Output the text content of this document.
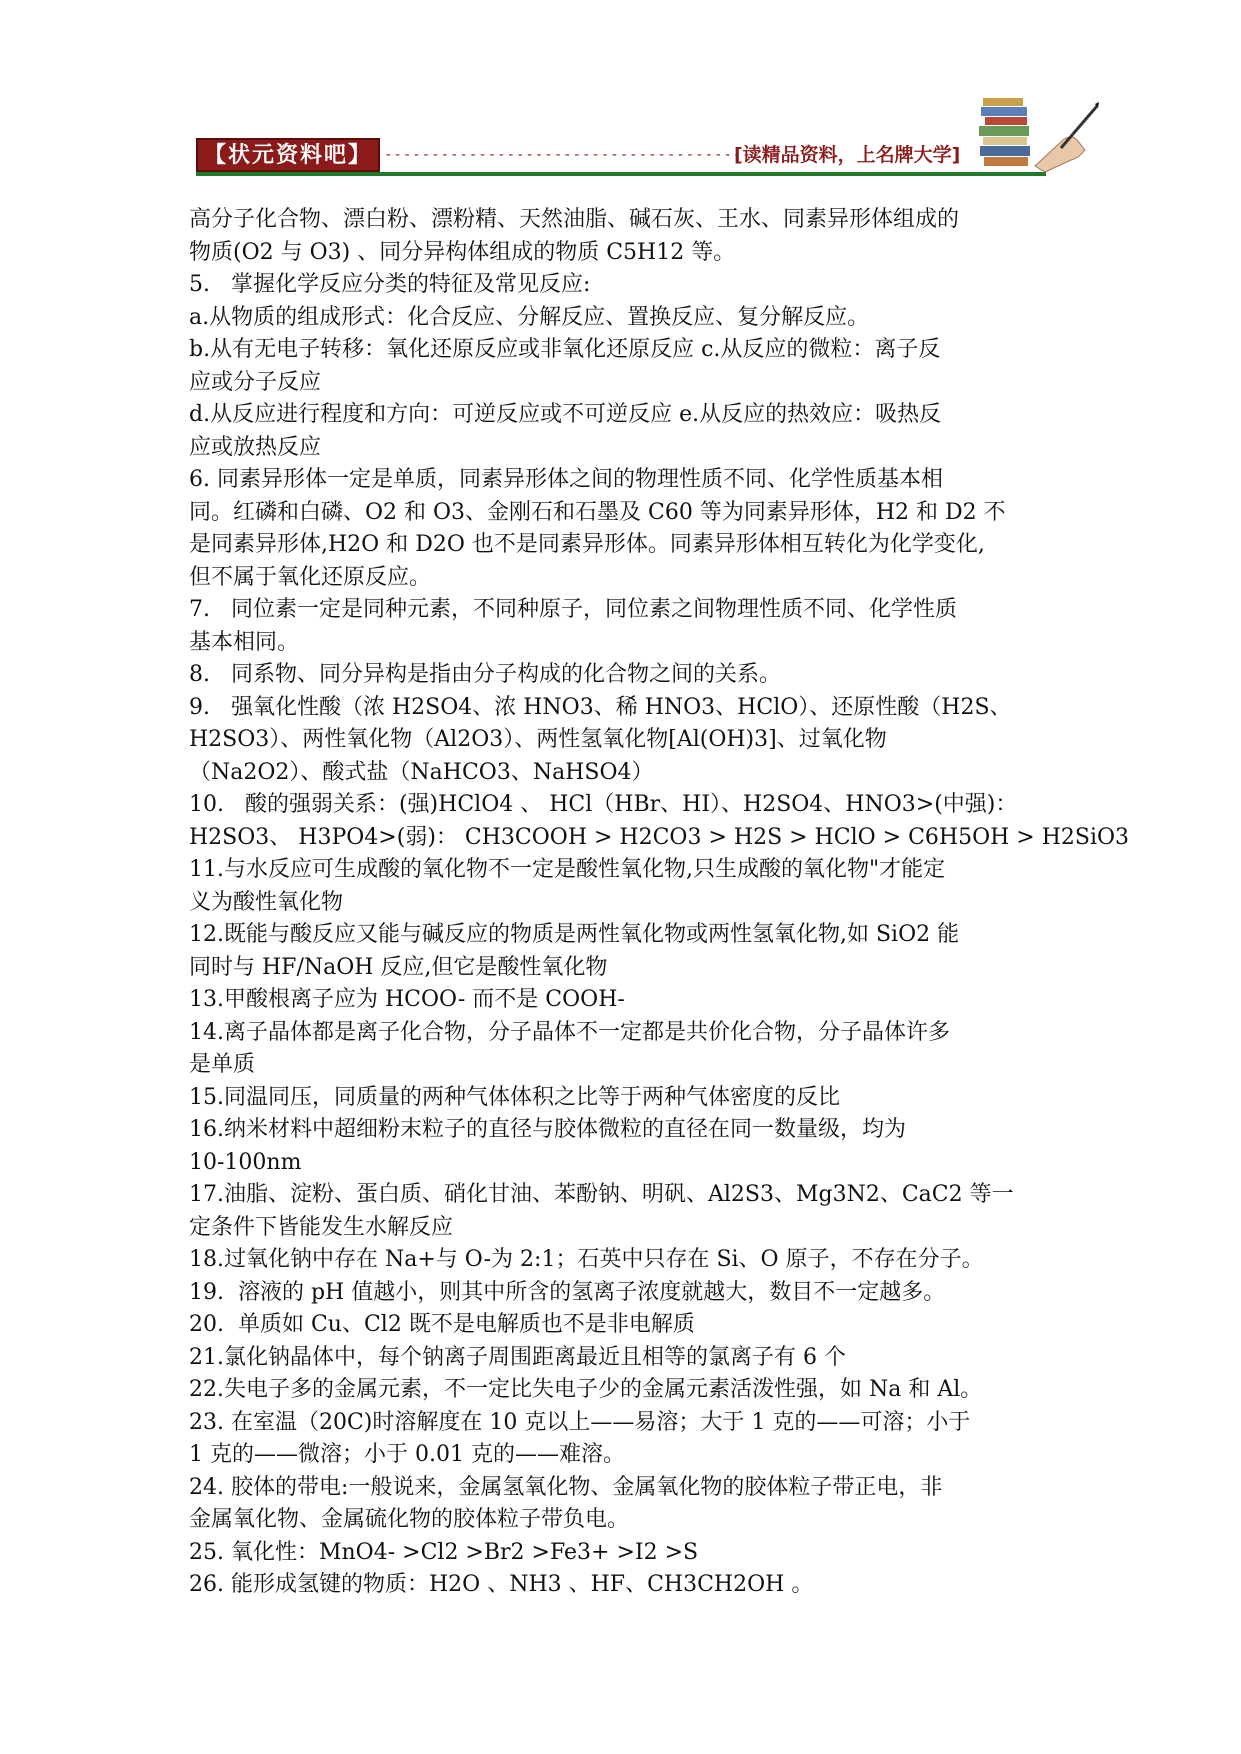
【状元资料吧】 ------------------------------------------
[读精品资料，上名牌大学]
高分子化合物、漂白粉、漂粉精、天然油脂、碱石灰、王水、同素异形体组成的
物质(O2 与 O3) 、同分异构体组成的物质 C5H12 等。
5.   掌握化学反应分类的特征及常见反应:
a.从物质的组成形式：化合反应、分解反应、置换反应、复分解反应。
b.从有无电子转移：氧化还原反应或非氧化还原反应 c.从反应的微粒：离子反
应或分子反应
d.从反应进行程度和方向：可逆反应或不可逆反应 e.从反应的热效应：吸热反
应或放热反应
6. 同素异形体一定是单质，同素异形体之间的物理性质不同、化学性质基本相
同。红磷和白磷、O2 和 O3、金刚石和石墨及 C60 等为同素异形体，H2 和 D2 不
是同素异形体,H2O 和 D2O 也不是同素异形体。同素异形体相互转化为化学变化,
但不属于氧化还原反应。
7.   同位素一定是同种元素，不同种原子，同位素之间物理性质不同、化学性质
基本相同。
8.   同系物、同分异构是指由分子构成的化合物之间的关系。
9.   强氧化性酸（浓 H2SO4、浓 HNO3、稀 HNO3、HClO）、还原性酸（H2S、
H2SO3）、两性氧化物（Al2O3）、两性氢氧化物[Al(OH)3]、过氧化物
（Na2O2）、酸式盐（NaHCO3、NaHSO4）
10.   酸的强弱关系：(强)HClO4 、 HCl（HBr、HI）、H2SO4、HNO3>(中强)：
H2SO3、 H3PO4>(弱)： CH3COOH > H2CO3 > H2S > HClO > C6H5OH > H2SiO3
11.与水反应可生成酸的氧化物不一定是酸性氧化物,只生成酸的氧化物"才能定
义为酸性氧化物
12.既能与酸反应又能与碱反应的物质是两性氧化物或两性氢氧化物,如 SiO2 能
同时与 HF/NaOH 反应,但它是酸性氧化物
13.甲酸根离子应为 HCOO- 而不是 COOH-
14.离子晶体都是离子化合物，分子晶体不一定都是共价化合物，分子晶体许多
是单质
15.同温同压，同质量的两种气体体积之比等于两种气体密度的反比
16.纳米材料中超细粉末粒子的直径与胶体微粒的直径在同一数量级，均为
10-100nm
17.油脂、淀粉、蛋白质、硝化甘油、苯酚钠、明矾、Al2S3、Mg3N2、CaC2 等一
定条件下皆能发生水解反应
18.过氧化钠中存在 Na+与 O-为 2:1；石英中只存在 Si、O 原子，不存在分子。
19.  溶液的 pH 值越小，则其中所含的氢离子浓度就越大，数目不一定越多。
20.  单质如 Cu、Cl2 既不是电解质也不是非电解质
21.氯化钠晶体中，每个钠离子周围距离最近且相等的氯离子有 6 个
22.失电子多的金属元素，不一定比失电子少的金属元素活泼性强，如 Na 和 Al。
23. 在室温（20C)时溶解度在 10 克以上——易溶；大于 1 克的——可溶；小于
1 克的——微溶；小于 0.01 克的——难溶。
24. 胶体的带电:一般说来，金属氢氧化物、金属氧化物的胶体粒子带正电，非
金属氧化物、金属硫化物的胶体粒子带负电。
25. 氧化性：MnO4- >Cl2 >Br2 >Fe3+ >I2 >S
26. 能形成氢键的物质：H2O 、NH3 、HF、CH3CH2OH 。
